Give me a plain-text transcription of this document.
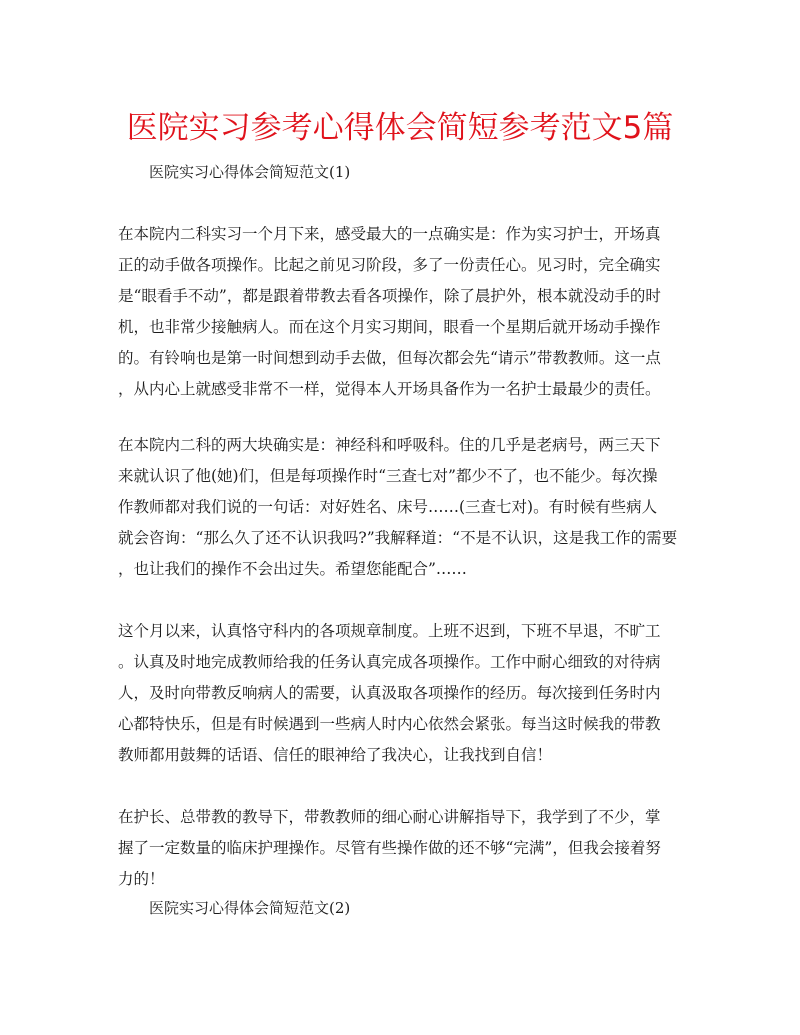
医院实习参考心得体会简短参考范文5篇
医院实习心得体会简短范文(1)
在本院内二科实习一个月下来，感受最大的一点确实是：作为实习护士，开场真
正的动手做各项操作。比起之前见习阶段，多了一份责任心。见习时，完全确实
是“眼看手不动”，都是跟着带教去看各项操作，除了晨护外，根本就没动手的时
机，也非常少接触病人。而在这个月实习期间，眼看一个星期后就开场动手操作
的。有铃响也是第一时间想到动手去做，但每次都会先“请示”带教教师。这一点
，从内心上就感受非常不一样，觉得本人开场具备作为一名护士最最少的责任。
在本院内二科的两大块确实是：神经科和呼吸科。住的几乎是老病号，两三天下
来就认识了他(她)们，但是每项操作时“三查七对”都少不了，也不能少。每次操
作教师都对我们说的一句话：对好姓名、床号……(三查七对)。有时候有些病人
就会咨询：“那么久了还不认识我吗?”我解释道：“不是不认识，这是我工作的需要
，也让我们的操作不会出过失。希望您能配合”……
这个月以来，认真恪守科内的各项规章制度。上班不迟到，下班不早退，不旷工
。认真及时地完成教师给我的任务认真完成各项操作。工作中耐心细致的对待病
人，及时向带教反响病人的需要，认真汲取各项操作的经历。每次接到任务时内
心都特快乐，但是有时候遇到一些病人时内心依然会紧张。每当这时候我的带教
教师都用鼓舞的话语、信任的眼神给了我决心，让我找到自信！
在护长、总带教的教导下，带教教师的细心耐心讲解指导下，我学到了不少，掌
握了一定数量的临床护理操作。尽管有些操作做的还不够“完满”，但我会接着努
力的！
医院实习心得体会简短范文(2)
